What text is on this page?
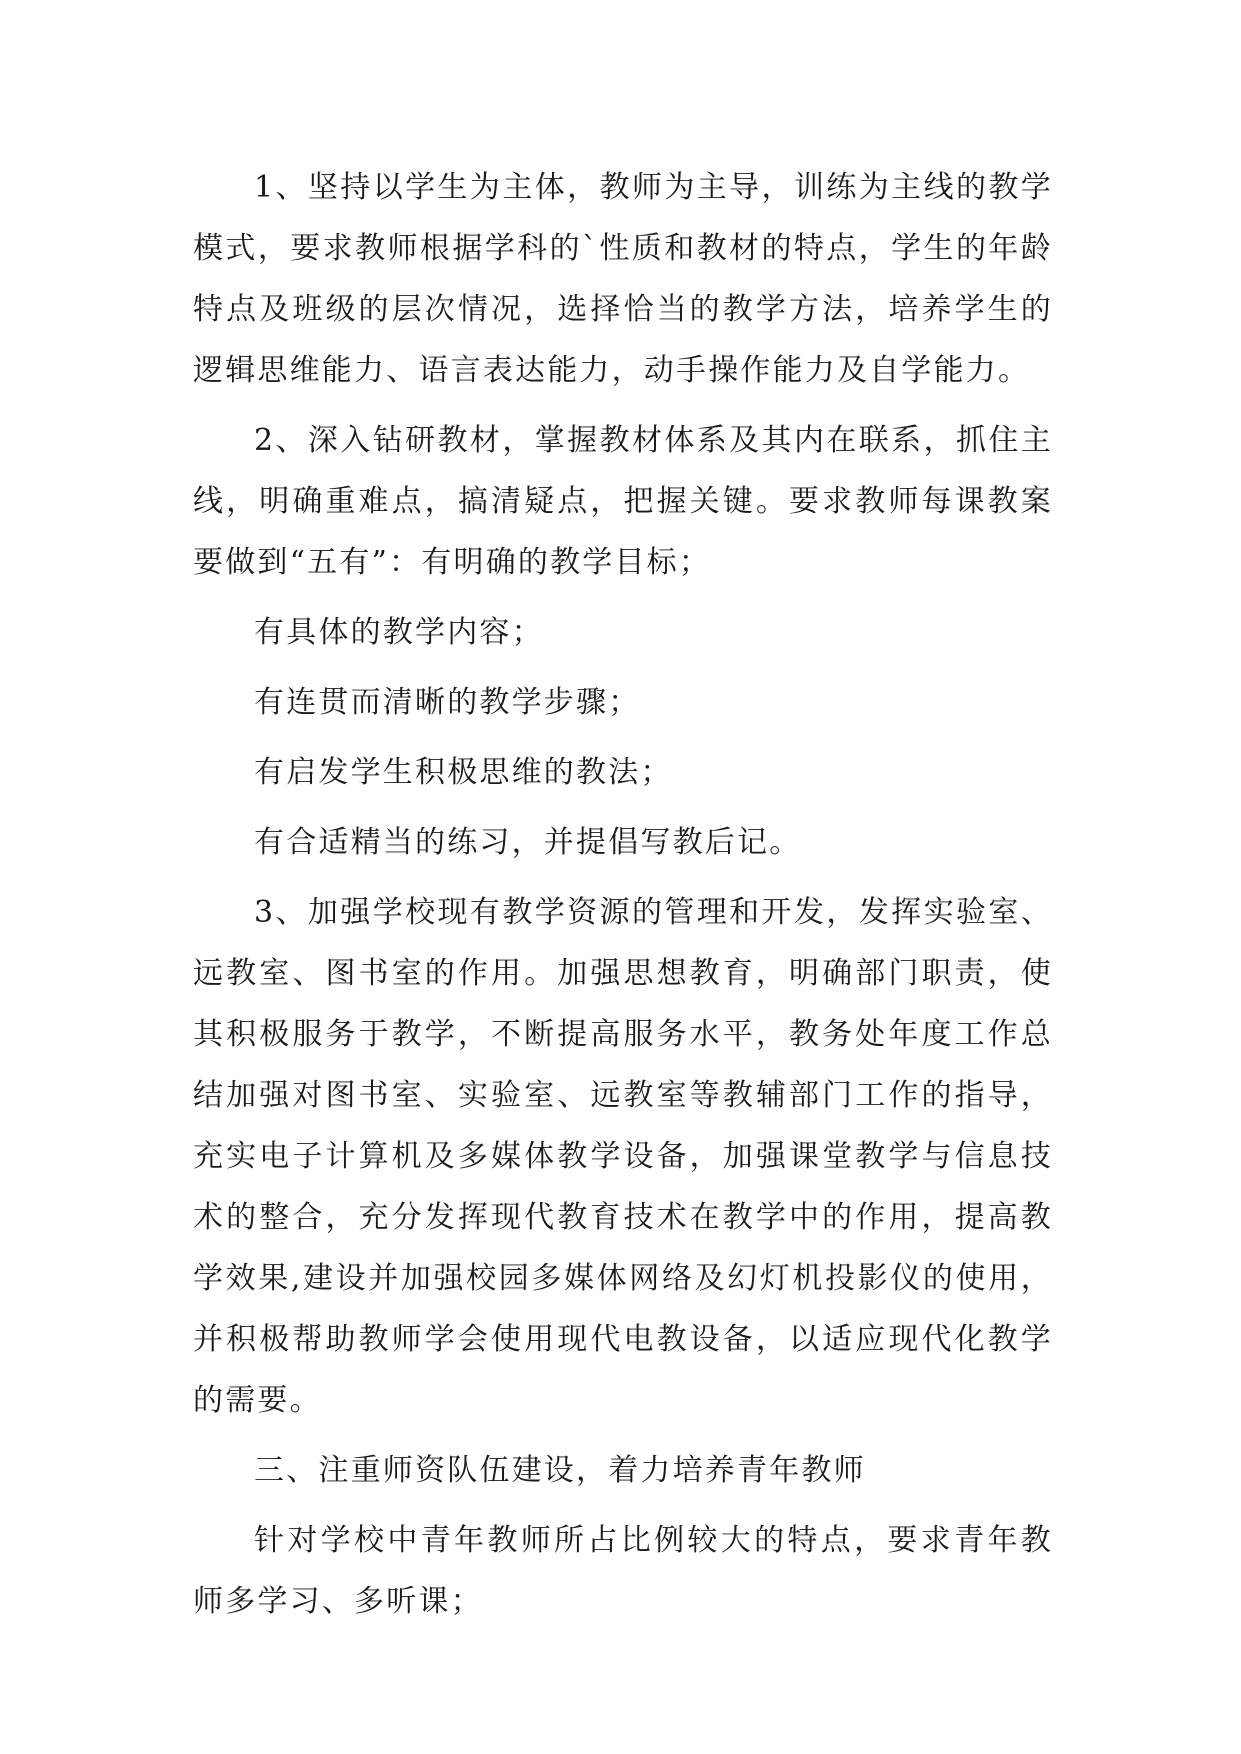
1、坚持以学生为主体，教师为主导，训练为主线的教学模式，要求教师根据学科的`性质和教材的特点，学生的年龄特点及班级的层次情况，选择恰当的教学方法，培养学生的逻辑思维能力、语言表达能力，动手操作能力及自学能力。

2、深入钻研教材，掌握教材体系及其内在联系，抓住主线，明确重难点，搞清疑点，把握关键。要求教师每课教案要做到“五有”：有明确的教学目标；

有具体的教学内容；

有连贯而清晰的教学步骤；

有启发学生积极思维的教法；

有合适精当的练习，并提倡写教后记。

3、加强学校现有教学资源的管理和开发，发挥实验室、远教室、图书室的作用。加强思想教育，明确部门职责，使其积极服务于教学，不断提高服务水平，教务处年度工作总结加强对图书室、实验室、远教室等教辅部门工作的指导，充实电子计算机及多媒体教学设备，加强课堂教学与信息技术的整合，充分发挥现代教育技术在教学中的作用，提高教学效果,建设并加强校园多媒体网络及幻灯机投影仪的使用，并积极帮助教师学会使用现代电教设备，以适应现代化教学的需要。

三、注重师资队伍建设，着力培养青年教师

针对学校中青年教师所占比例较大的特点，要求青年教师多学习、多听课；
